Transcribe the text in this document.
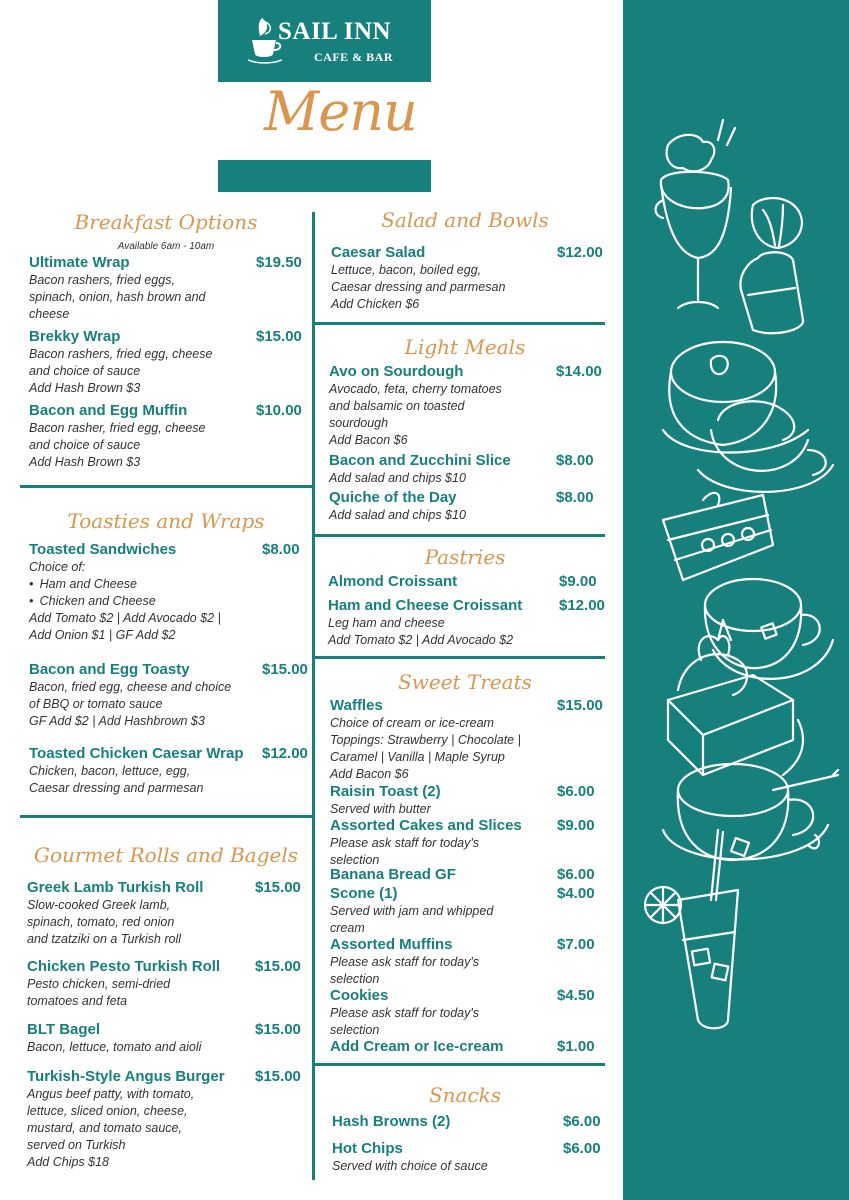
SAIL INN
CAFE & BAR
Menu
Breakfast Options
Available 6am - 10am
Toasties and Wraps
Gourmet Rolls and Bagels
Salad and Bowls
Light Meals
Pastries
Sweet Treats
Snacks
Ultimate Wrap	$19.50
Bacon rashers, fried eggs,
spinach, onion, hash brown and
cheese
Brekky Wrap	$15.00
Bacon rashers, fried egg, cheese
and choice of sauce
Add Hash Brown $3
Bacon and Egg Muffin	$10.00
Bacon rasher, fried egg, cheese
and choice of sauce
Add Hash Brown $3
Toasted Sandwiches	$8.00
Choice of:
• Ham and Cheese
• Chicken and Cheese
Add Tomato $2 | Add Avocado $2 |
Add Onion $1 | GF Add $2
Bacon and Egg Toasty	$15.00
Bacon, fried egg, cheese and choice
of BBQ or tomato sauce
GF Add $2 | Add Hashbrown $3
Toasted Chicken Caesar Wrap	$12.00
Chicken, bacon, lettuce, egg,
Caesar dressing and parmesan
Greek Lamb Turkish Roll	$15.00
Slow-cooked Greek lamb,
spinach, tomato, red onion
and tzatziki on a Turkish roll
Chicken Pesto Turkish Roll	$15.00
Pesto chicken, semi-dried
tomatoes and feta
BLT Bagel	$15.00
Bacon, lettuce, tomato and aioli
Turkish-Style Angus Burger	$15.00
Angus beef patty, with tomato,
lettuce, sliced onion, cheese,
mustard, and tomato sauce,
served on Turkish
Add Chips $18
Caesar Salad	$12.00
Lettuce, bacon, boiled egg,
Caesar dressing and parmesan
Add Chicken $6
Avo on Sourdough	$14.00
Avocado, feta, cherry tomatoes
and balsamic on toasted
sourdough
Add Bacon $6
Bacon and Zucchini Slice	$8.00
Add salad and chips $10
Quiche of the Day	$8.00
Add salad and chips $10
Almond Croissant	$9.00
Ham and Cheese Croissant	$12.00
Leg ham and cheese
Add Tomato $2 | Add Avocado $2
Waffles	$15.00
Choice of cream or ice-cream
Toppings: Strawberry | Chocolate |
Caramel | Vanilla | Maple Syrup
Add Bacon $6
Raisin Toast (2)	$6.00
Served with butter
Assorted Cakes and Slices	$9.00
Please ask staff for today's
selection
Banana Bread GF	$6.00
Scone (1)	$4.00
Served with jam and whipped
cream
Assorted Muffins	$7.00
Please ask staff for today's
selection
Cookies	$4.50
Please ask staff for today's
selection
Add Cream or Ice-cream	$1.00
Hash Browns (2)	$6.00
Hot Chips	$6.00
Served with choice of sauce
